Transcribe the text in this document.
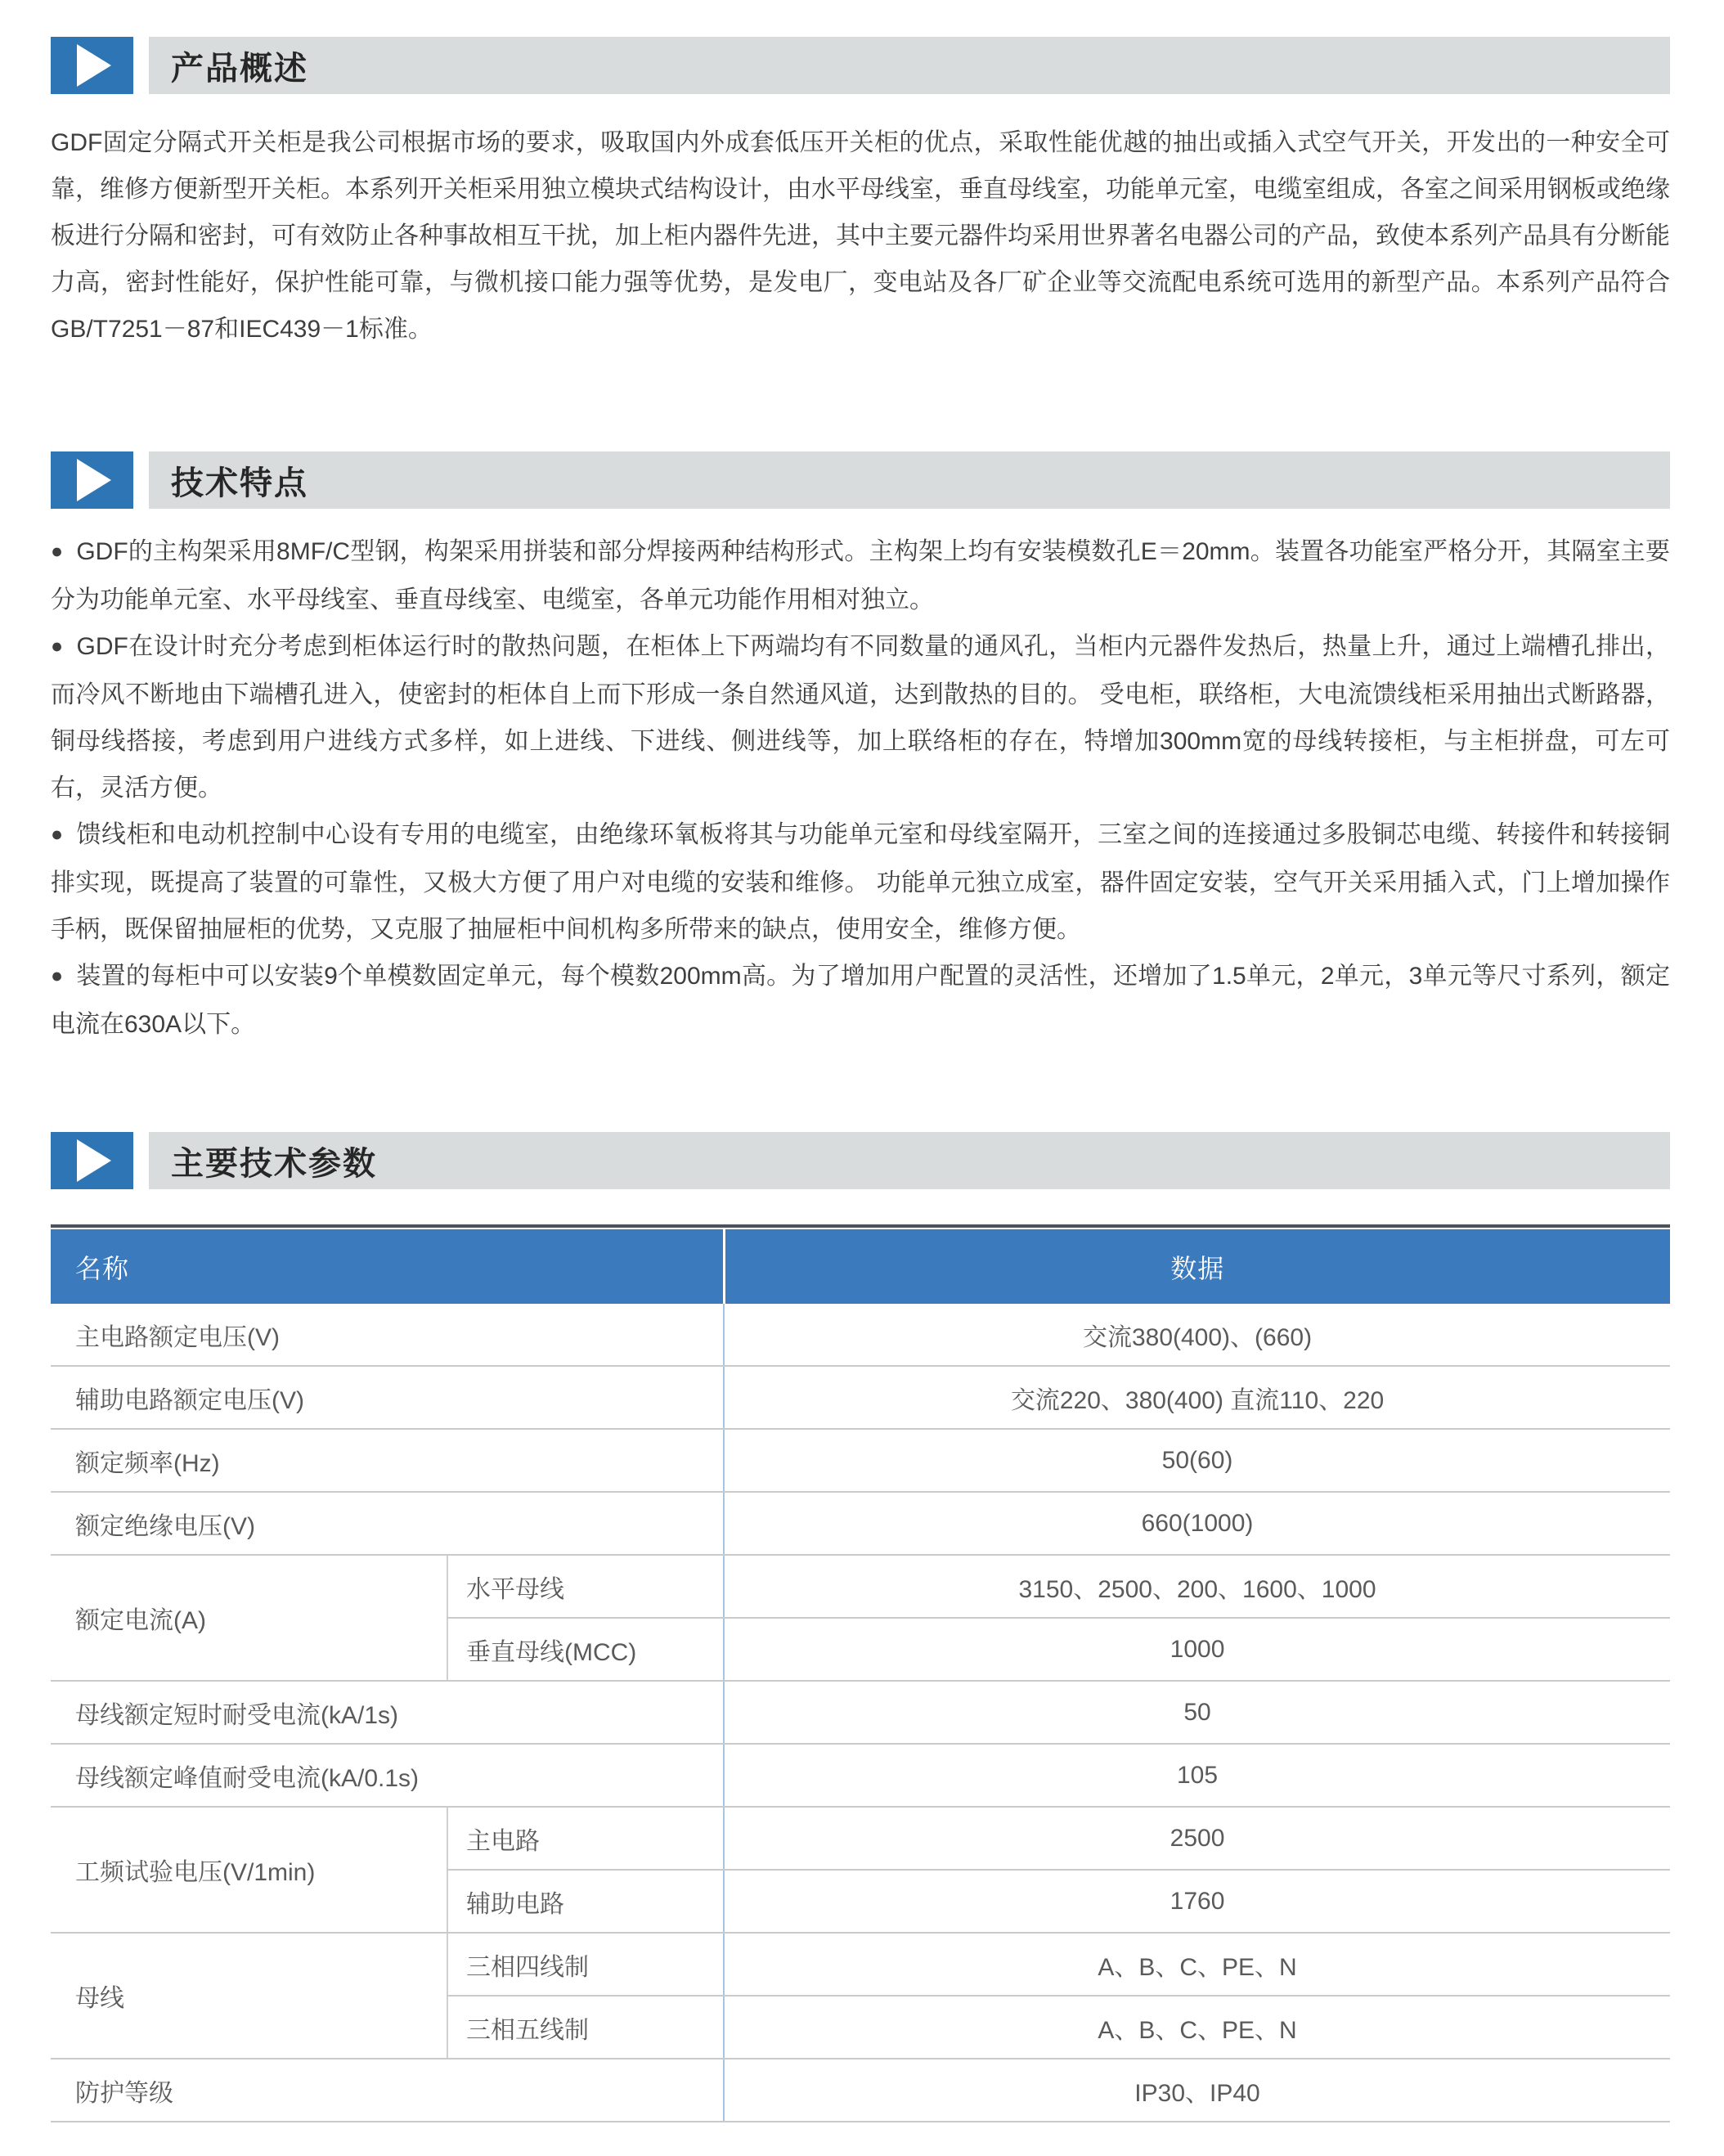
产品概述
GDF固定分隔式开关柜是我公司根据市场的要求，吸取国内外成套低压开关柜的优点，采取性能优越的抽出或插入式空气开关，开发出的一种安全可靠，维修方便新型开关柜。本系列开关柜采用独立模块式结构设计，由水平母线室，垂直母线室，功能单元室，电缆室组成，各室之间采用钢板或绝缘板进行分隔和密封，可有效防止各种事故相互干扰，加上柜内器件先进，其中主要元器件均采用世界著名电器公司的产品，致使本系列产品具有分断能力高，密封性能好，保护性能可靠，与微机接口能力强等优势，是发电厂，变电站及各厂矿企业等交流配电系统可选用的新型产品。本系列产品符合GB/T7251－87和IEC439－1标准。
技术特点
● GDF的主构架采用8MF/C型钢，构架采用拼装和部分焊接两种结构形式。主构架上均有安装模数孔E＝20mm。装置各功能室严格分开，其隔室主要分为功能单元室、水平母线室、垂直母线室、电缆室，各单元功能作用相对独立。
● GDF在设计时充分考虑到柜体运行时的散热问题，在柜体上下两端均有不同数量的通风孔，当柜内元器件发热后，热量上升，通过上端槽孔排出，而冷风不断地由下端槽孔进入，使密封的柜体自上而下形成一条自然通风道，达到散热的目的。 受电柜，联络柜，大电流馈线柜采用抽出式断路器，铜母线搭接，考虑到用户进线方式多样，如上进线、下进线、侧进线等，加上联络柜的存在，特增加300mm宽的母线转接柜，与主柜拼盘，可左可右，灵活方便。
● 馈线柜和电动机控制中心设有专用的电缆室，由绝缘环氧板将其与功能单元室和母线室隔开，三室之间的连接通过多股铜芯电缆、转接件和转接铜排实现，既提高了装置的可靠性，又极大方便了用户对电缆的安装和维修。 功能单元独立成室，器件固定安装，空气开关采用插入式，门上增加操作手柄，既保留抽屉柜的优势，又克服了抽屉柜中间机构多所带来的缺点，使用安全，维修方便。
● 装置的每柜中可以安装9个单模数固定单元，每个模数200mm高。为了增加用户配置的灵活性，还增加了1.5单元，2单元，3单元等尺寸系列，额定电流在630A以下。
主要技术参数
名称		数据
主电路额定电压(V)		交流380(400)、(660)
辅助电路额定电压(V)		交流220、380(400) 直流110、220
额定频率(Hz)		50(60)
额定绝缘电压(V)		660(1000)
额定电流(A)	水平母线	3150、2500、200、1600、1000
	垂直母线(MCC)	1000
母线额定短时耐受电流(kA/1s)		50
母线额定峰值耐受电流(kA/0.1s)		105
工频试验电压(V/1min)	主电路	2500
	辅助电路	1760
母线	三相四线制	A、B、C、PE、N
	三相五线制	A、B、C、PE、N
防护等级		IP30、IP40
